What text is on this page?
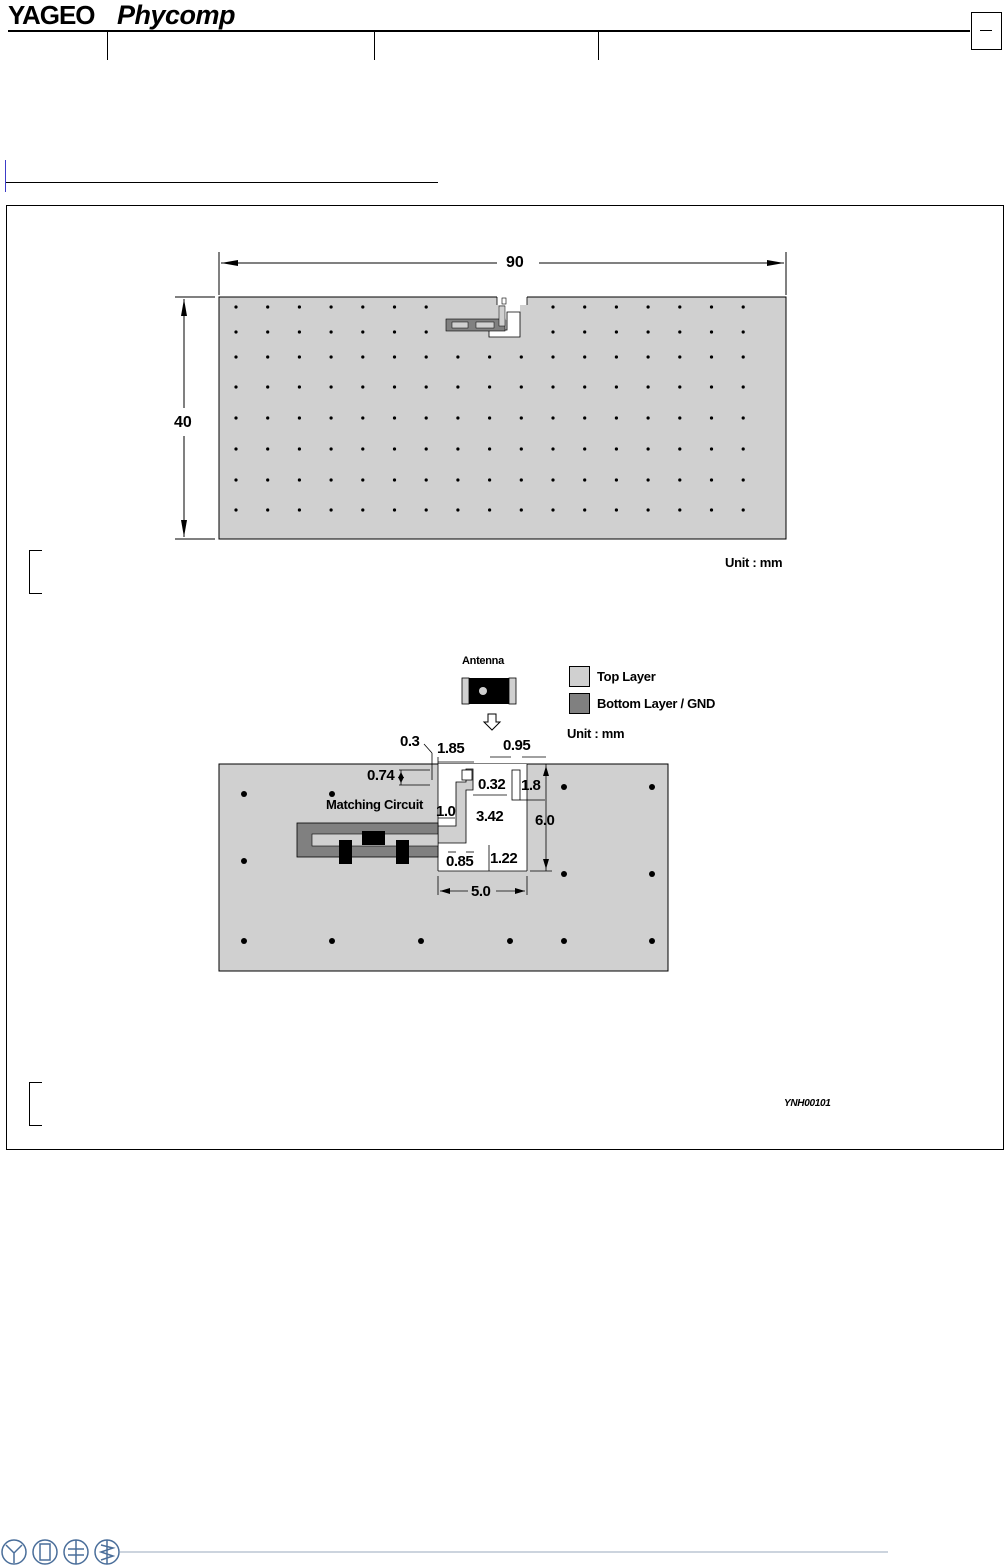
YAGEO Phycomp
90
40
Unit : mm
Antenna
Top Layer
Bottom Layer / GND
Unit : mm
0.3 1.85	0.95
0.74
0.32 1.8
Matching Circuit 1.0 3.42 6.0
0.85 1.22
5.0
YNH00101
